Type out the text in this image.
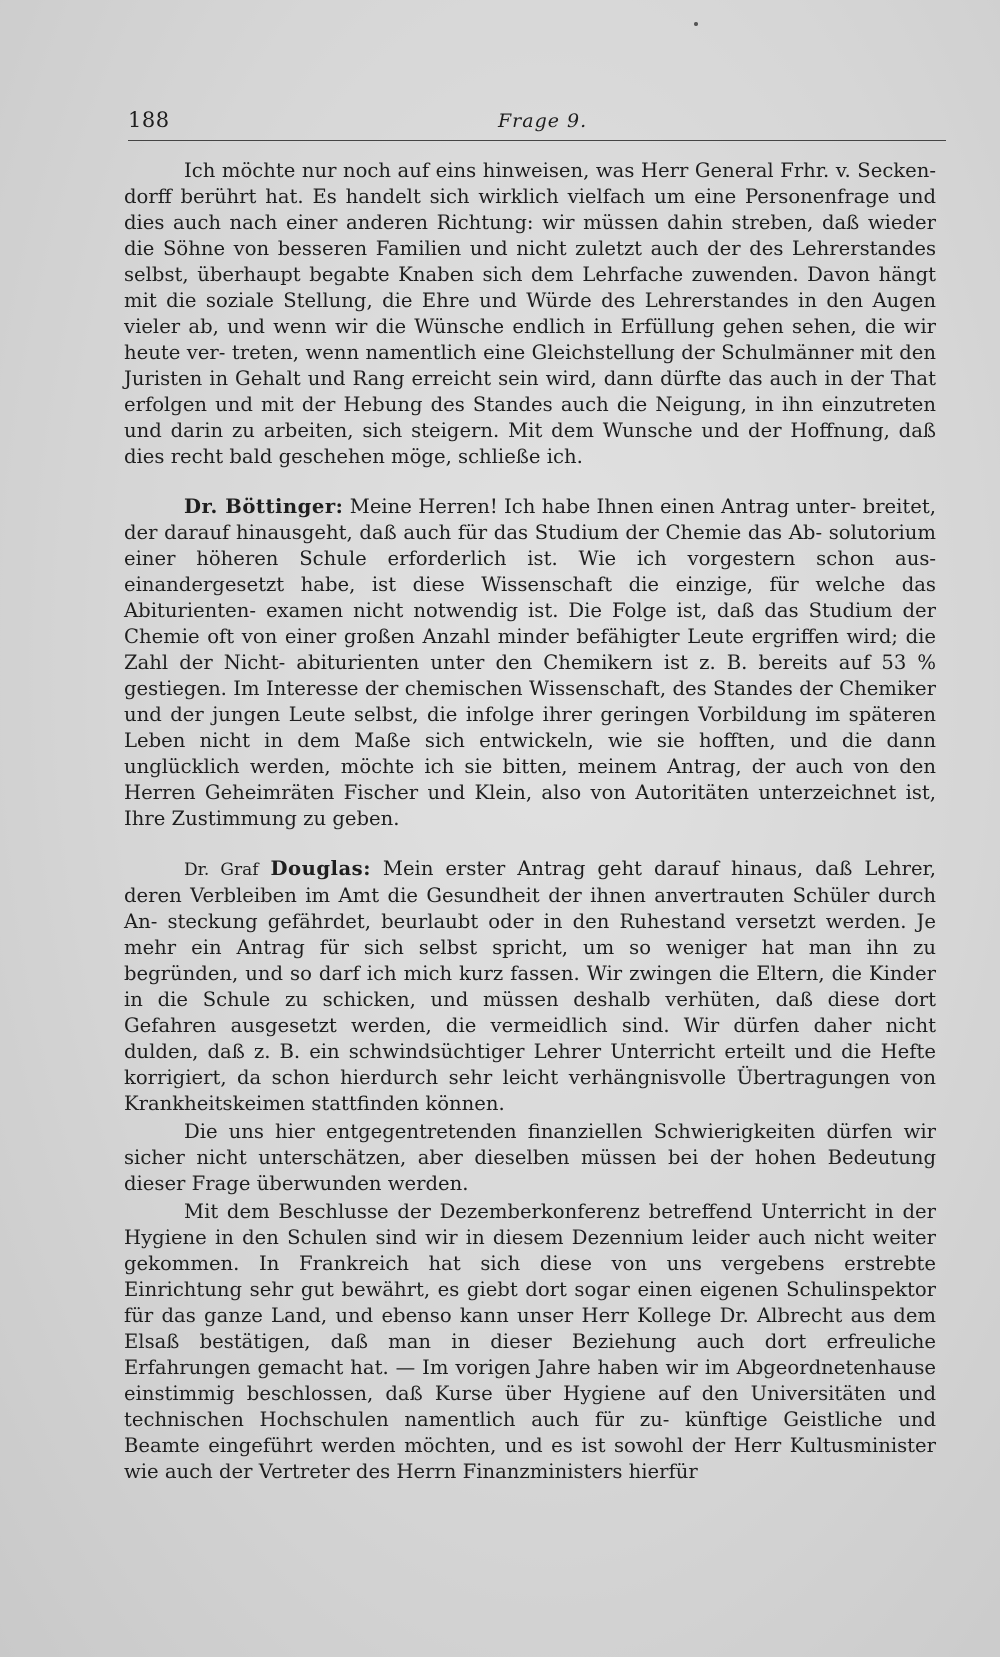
188	Frage 9.

Ich möchte nur noch auf eins hinweisen, was Herr General Frhr. v. Secken- dorff berührt hat. Es handelt sich wirklich vielfach um eine Personenfrage und dies auch nach einer anderen Richtung: wir müssen dahin streben, daß wieder die Söhne von besseren Familien und nicht zuletzt auch der des Lehrerstandes selbst, überhaupt begabte Knaben sich dem Lehrfache zuwenden. Davon hängt mit die soziale Stellung, die Ehre und Würde des Lehrerstandes in den Augen vieler ab, und wenn wir die Wünsche endlich in Erfüllung gehen sehen, die wir heute ver- treten, wenn namentlich eine Gleichstellung der Schulmänner mit den Juristen in Gehalt und Rang erreicht sein wird, dann dürfte das auch in der That erfolgen und mit der Hebung des Standes auch die Neigung, in ihn einzutreten und darin zu arbeiten, sich steigern. Mit dem Wunsche und der Hoffnung, daß dies recht bald geschehen möge, schließe ich.

Dr. Böttinger: Meine Herren! Ich habe Ihnen einen Antrag unter- breitet, der darauf hinausgeht, daß auch für das Studium der Chemie das Ab- solutorium einer höheren Schule erforderlich ist. Wie ich vorgestern schon aus- einandergesetzt habe, ist diese Wissenschaft die einzige, für welche das Abiturienten- examen nicht notwendig ist. Die Folge ist, daß das Studium der Chemie oft von einer großen Anzahl minder befähigter Leute ergriffen wird; die Zahl der Nicht- abiturienten unter den Chemikern ist z. B. bereits auf 53 % gestiegen. Im Interesse der chemischen Wissenschaft, des Standes der Chemiker und der jungen Leute selbst, die infolge ihrer geringen Vorbildung im späteren Leben nicht in dem Maße sich entwickeln, wie sie hofften, und die dann unglücklich werden, möchte ich sie bitten, meinem Antrag, der auch von den Herren Geheimräten Fischer und Klein, also von Autoritäten unterzeichnet ist, Ihre Zustimmung zu geben.

Dr. Graf Douglas: Mein erster Antrag geht darauf hinaus, daß Lehrer, deren Verbleiben im Amt die Gesundheit der ihnen anvertrauten Schüler durch An- steckung gefährdet, beurlaubt oder in den Ruhestand versetzt werden. Je mehr ein Antrag für sich selbst spricht, um so weniger hat man ihn zu begründen, und so darf ich mich kurz fassen. Wir zwingen die Eltern, die Kinder in die Schule zu schicken, und müssen deshalb verhüten, daß diese dort Gefahren ausgesetzt werden, die vermeidlich sind. Wir dürfen daher nicht dulden, daß z. B. ein schwindsüchtiger Lehrer Unterricht erteilt und die Hefte korrigiert, da schon hierdurch sehr leicht verhängnisvolle Übertragungen von Krankheitskeimen stattfinden können.

Die uns hier entgegentretenden finanziellen Schwierigkeiten dürfen wir sicher nicht unterschätzen, aber dieselben müssen bei der hohen Bedeutung dieser Frage überwunden werden.

Mit dem Beschlusse der Dezemberkonferenz betreffend Unterricht in der Hygiene in den Schulen sind wir in diesem Dezennium leider auch nicht weiter gekommen. In Frankreich hat sich diese von uns vergebens erstrebte Einrichtung sehr gut bewährt, es giebt dort sogar einen eigenen Schulinspektor für das ganze Land, und ebenso kann unser Herr Kollege Dr. Albrecht aus dem Elsaß bestätigen, daß man in dieser Beziehung auch dort erfreuliche Erfahrungen gemacht hat. — Im vorigen Jahre haben wir im Abgeordnetenhause einstimmig beschlossen, daß Kurse über Hygiene auf den Universitäten und technischen Hochschulen namentlich auch für zu- künftige Geistliche und Beamte eingeführt werden möchten, und es ist sowohl der Herr Kultusminister wie auch der Vertreter des Herrn Finanzministers hierfür
